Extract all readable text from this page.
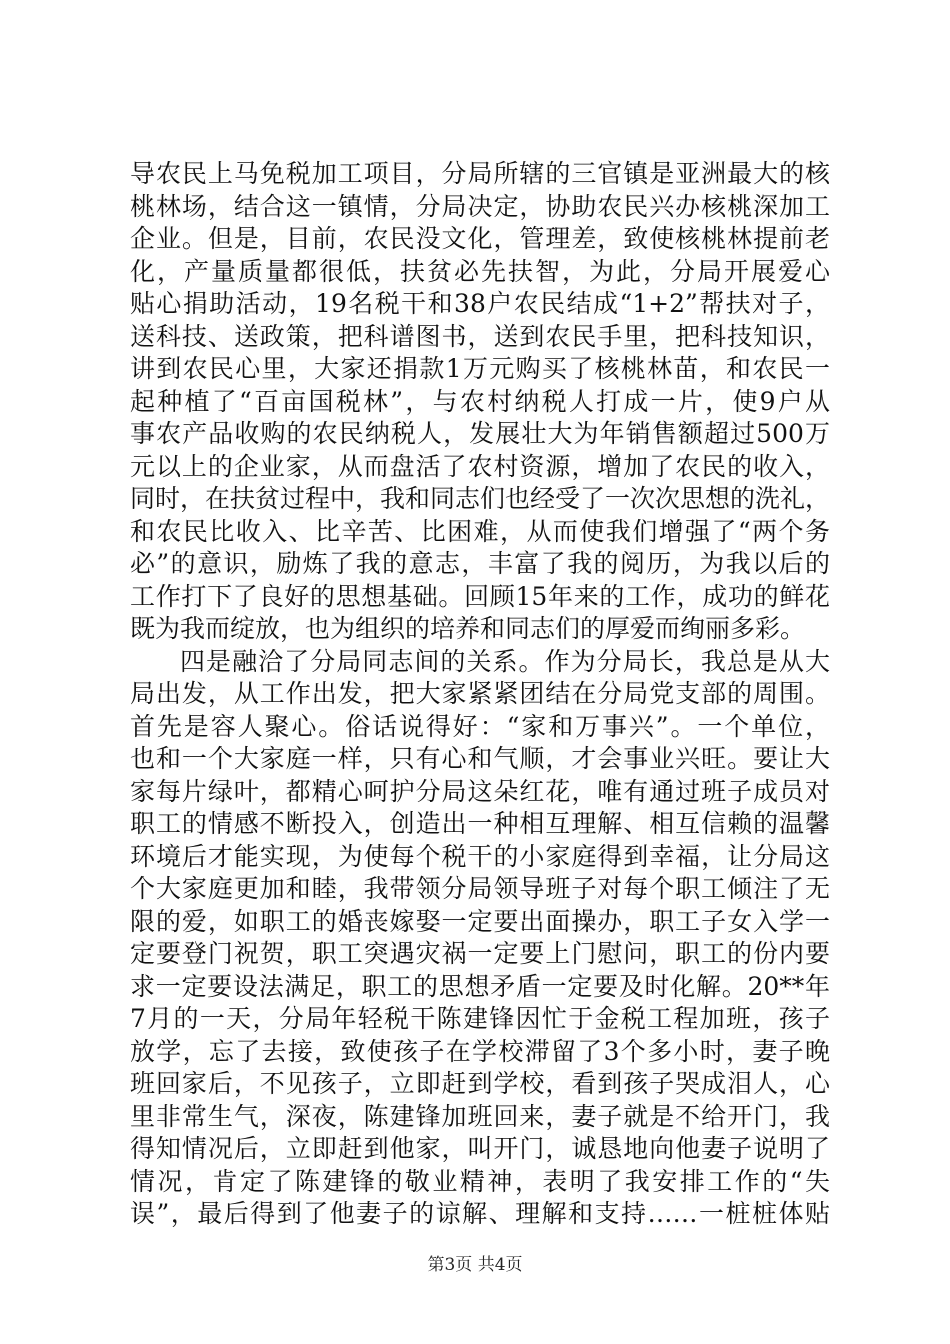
导农民上马免税加工项目，分局所辖的三官镇是亚洲最大的核
桃林场，结合这一镇情，分局决定，协助农民兴办核桃深加工
企业。但是，目前，农民没文化，管理差，致使核桃林提前老
化，产量质量都很低，扶贫必先扶智，为此，分局开展爱心
贴心捐助活动，19名税干和38户农民结成“1+2”帮扶对子，
送科技、送政策，把科谱图书，送到农民手里，把科技知识，
讲到农民心里，大家还捐款1万元购买了核桃林苗，和农民一
起种植了“百亩国税林”，与农村纳税人打成一片，使9户从
事农产品收购的农民纳税人，发展壮大为年销售额超过500万
元以上的企业家，从而盘活了农村资源，增加了农民的收入，
同时，在扶贫过程中，我和同志们也经受了一次次思想的洗礼，
和农民比收入、比辛苦、比困难，从而使我们增强了“两个务
必”的意识，励炼了我的意志，丰富了我的阅历，为我以后的
工作打下了良好的思想基础。回顾15年来的工作，成功的鲜花
既为我而绽放，也为组织的培养和同志们的厚爱而绚丽多彩。
四是融洽了分局同志间的关系。作为分局长，我总是从大
局出发，从工作出发，把大家紧紧团结在分局党支部的周围。
首先是容人聚心。俗话说得好：“家和万事兴”。一个单位，
也和一个大家庭一样，只有心和气顺，才会事业兴旺。要让大
家每片绿叶，都精心呵护分局这朵红花，唯有通过班子成员对
职工的情感不断投入，创造出一种相互理解、相互信赖的温馨
环境后才能实现，为使每个税干的小家庭得到幸福，让分局这
个大家庭更加和睦，我带领分局领导班子对每个职工倾注了无
限的爱，如职工的婚丧嫁娶一定要出面操办，职工子女入学一
定要登门祝贺，职工突遇灾祸一定要上门慰问，职工的份内要
求一定要设法满足，职工的思想矛盾一定要及时化解。20**年
7月的一天，分局年轻税干陈建锋因忙于金税工程加班，孩子
放学，忘了去接，致使孩子在学校滞留了3个多小时，妻子晚
班回家后，不见孩子，立即赶到学校，看到孩子哭成泪人，心
里非常生气，深夜，陈建锋加班回来，妻子就是不给开门，我
得知情况后，立即赶到他家，叫开门，诚恳地向他妻子说明了
情况，肯定了陈建锋的敬业精神，表明了我安排工作的“失
误”，最后得到了他妻子的谅解、理解和支持……一桩桩体贴
第3页 共4页
